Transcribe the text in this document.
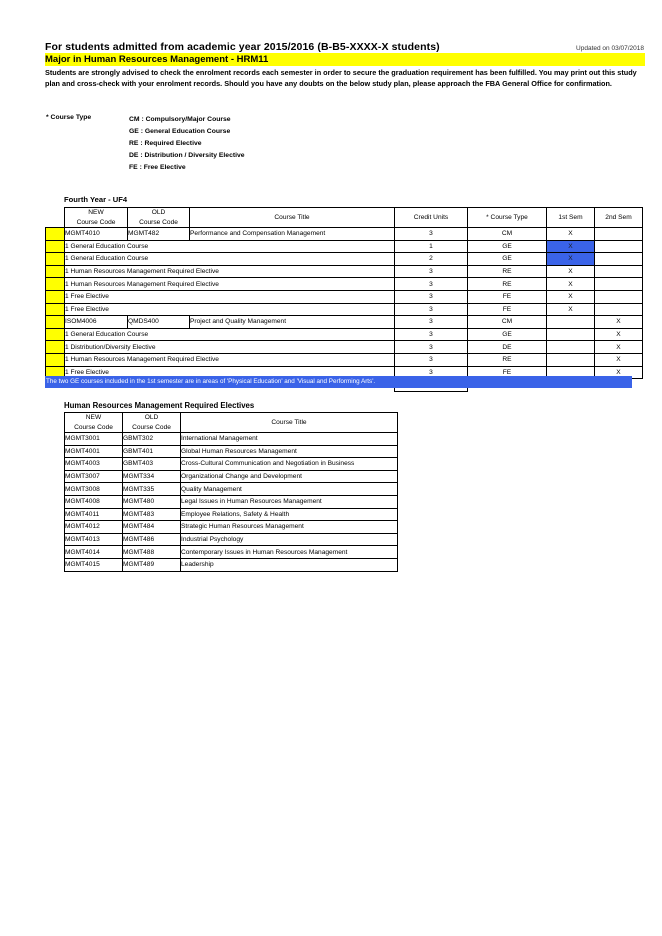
For students admitted from academic year 2015/2016 (B-B5-XXXX-X students)	Updated on 03/07/2018
Major in Human Resources Management - HRM11
Students are strongly advised to check the enrolment records each semester in order to secure the graduation requirement has been fulfilled. You may print out this study plan and cross-check with your enrolment records. Should you have any doubts on the below study plan, please approach the FBA General Office for confirmation.
* Course Type	CM : Compulsory/Major Course
GE : General Education Course
RE : Required Elective
DE : Distribution / Diversity Elective
FE : Free Elective
Fourth Year - UF4

	NEW
Course Code	OLD
Course Code	Course Title	Credit Units	* Course Type	1st Sem	2nd Sem
	MGMT4010	MGMT482	Performance and Compensation Management	3	CM	X	
	1 General Education Course			1	GE	X	
	1 General Education Course			2	GE	X	
	1 Human Resources Management Required Elective			3	RE	X	
	1 Human Resources Management Required Elective			3	RE	X	
	1 Free Elective			3	FE	X	
	1 Free Elective			3	FE	X	
	ISOM4006	QMDS400	Project and Quality Management	3	CM		X
	1 General Education Course			3	GE		X
	1 Distribution/Diversity Elective			3	DE		X
	1 Human Resources Management Required Elective			3	RE		X
	1 Free Elective			3	FE		X

The two GE courses included in the 1st semester are in areas of 'Physical Education' and 'Visual and Performing Arts'.
Human Resources Management Required Electives
NEW
Course Code	OLD
Course Code	Course Title
MGMT3001	GBMT302	International Management
MGMT4001	GBMT401	Global Human Resources Management
MGMT4003	GBMT403	Cross-Cultural Communication and Negotiation in Business
MGMT3007	MGMT334	Organizational Change and Development
MGMT3008	MGMT335	Quality Management
MGMT4008	MGMT480	Legal Issues in Human Resources Management
MGMT4011	MGMT483	Employee Relations, Safety & Health
MGMT4012	MGMT484	Strategic Human Resources Management
MGMT4013	MGMT486	Industrial Psychology
MGMT4014	MGMT488	Contemporary Issues in Human Resources Management
MGMT4015	MGMT489	Leadership
